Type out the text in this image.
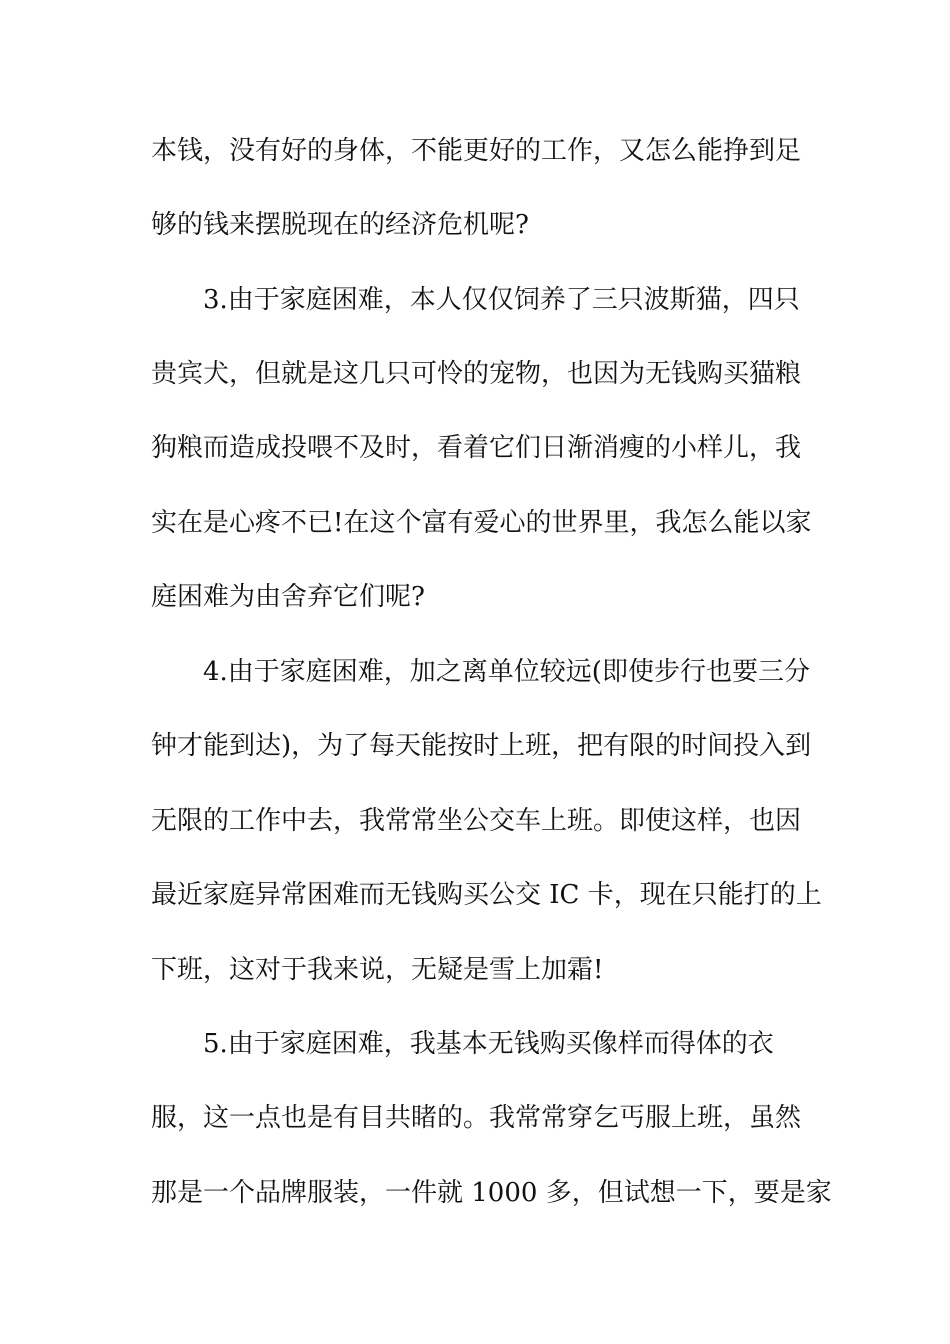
本钱，没有好的身体，不能更好的工作，又怎么能挣到足
够的钱来摆脱现在的经济危机呢?
3.由于家庭困难，本人仅仅饲养了三只波斯猫，四只
贵宾犬，但就是这几只可怜的宠物，也因为无钱购买猫粮
狗粮而造成投喂不及时，看着它们日渐消瘦的小样儿，我
实在是心疼不已!在这个富有爱心的世界里，我怎么能以家
庭困难为由舍弃它们呢?
4.由于家庭困难，加之离单位较远(即使步行也要三分
钟才能到达)，为了每天能按时上班，把有限的时间投入到
无限的工作中去，我常常坐公交车上班。即使这样，也因
最近家庭异常困难而无钱购买公交 IC 卡，现在只能打的上
下班，这对于我来说，无疑是雪上加霜!
5.由于家庭困难，我基本无钱购买像样而得体的衣
服，这一点也是有目共睹的。我常常穿乞丐服上班，虽然
那是一个品牌服装，一件就 1000 多，但试想一下，要是家
